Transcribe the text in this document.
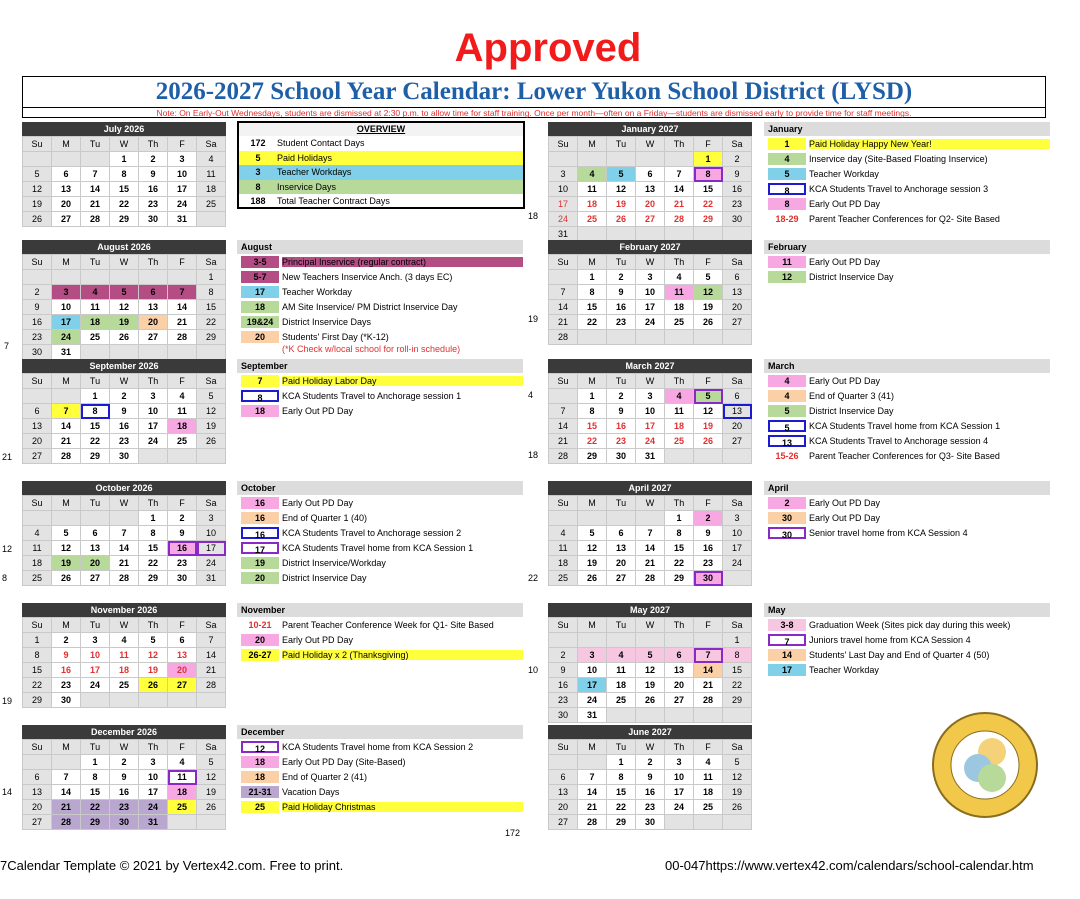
Approved
2026-2027 School Year Calendar: Lower Yukon School District (LYSD)
Note: On Early-Out Wednesdays, students are dismissed at 2:30 p.m. to allow time for staff training. Once per month—often on a Friday—students are dismissed early to provide time for staff meetings.
OVERVIEW
172	Student Contact Days
5	Paid Holidays
3	Teacher Workdays
8	Inservice Days
188	Total Teacher Contract Days
July 2026
Su	M	Tu	W	Th	F	Sa
			1	2	3	4
5	6	7	8	9	10	11
12	13	14	15	16	17	18
19	20	21	22	23	24	25
26	27	28	29	30	31	
August 2026
Su	M	Tu	W	Th	F	Sa
						1
2	3	4	5	6	7	8
9	10	11	12	13	14	15
16	17	18	19	20	21	22
23	24	25	26	27	28	29
30	31					
September 2026
Su	M	Tu	W	Th	F	Sa
		1	2	3	4	5
6	7	8	9	10	11	12
13	14	15	16	17	18	19
20	21	22	23	24	25	26
27	28	29	30			
October 2026
Su	M	Tu	W	Th	F	Sa
				1	2	3
4	5	6	7	8	9	10
11	12	13	14	15	16	17
18	19	20	21	22	23	24
25	26	27	28	29	30	31
November 2026
Su	M	Tu	W	Th	F	Sa
1	2	3	4	5	6	7
8	9	10	11	12	13	14
15	16	17	18	19	20	21
22	23	24	25	26	27	28
29	30					
December 2026
Su	M	Tu	W	Th	F	Sa
		1	2	3	4	5
6	7	8	9	10	11	12
13	14	15	16	17	18	19
20	21	22	23	24	25	26
27	28	29	30	31		
January 2027
Su	M	Tu	W	Th	F	Sa
					1	2
3	4	5	6	7	8	9
10	11	12	13	14	15	16
17	18	19	20	21	22	23
24	25	26	27	28	29	30
31						
February 2027
Su	M	Tu	W	Th	F	Sa
	1	2	3	4	5	6
7	8	9	10	11	12	13
14	15	16	17	18	19	20
21	22	23	24	25	26	27
28						
March 2027
Su	M	Tu	W	Th	F	Sa
	1	2	3	4	5	6
7	8	9	10	11	12	13
14	15	16	17	18	19	20
21	22	23	24	25	26	27
28	29	30	31			
April 2027
Su	M	Tu	W	Th	F	Sa
				1	2	3
4	5	6	7	8	9	10
11	12	13	14	15	16	17
18	19	20	21	22	23	24
25	26	27	28	29	30	
May 2027
Su	M	Tu	W	Th	F	Sa
						1
2	3	4	5	6	7	8
9	10	11	12	13	14	15
16	17	18	19	20	21	22
23	24	25	26	27	28	29
30	31					
June 2027
Su	M	Tu	W	Th	F	Sa
		1	2	3	4	5
6	7	8	9	10	11	12
13	14	15	16	17	18	19
20	21	22	23	24	25	26
27	28	29	30			
August
3-5	Principal Inservice (regular contract)
5-7	New Teachers Inservice Anch. (3 days EC)
17	Teacher Workday
18	AM Site Inservice/ PM District Inservice Day
19&24 District Inservice Days
20	Students' First Day (*K-12)
(*K Check w/local school for roll-in schedule)
September
7	Paid Holiday Labor Day
8	KCA Students Travel to Anchorage session 1
18	Early Out PD Day
October
16	Early Out PD Day
16	End of Quarter 1 (40)
16	KCA Students Travel to Anchorage session 2
17	KCA Students Travel home from KCA Session 1
19	District Inservice/Workday
20	District Inservice Day
November
10-21	Parent Teacher Conference Week for Q1- Site Based
20	Early Out PD Day
26-27	Paid Holiday x 2 (Thanksgiving)
December
12	KCA Students Travel home from KCA Session 2
18	Early Out PD Day (Site-Based)
18	End of Quarter 2 (41)
21-31	Vacation Days
25	Paid Holiday Christmas
January
1	Paid Holiday Happy New Year!
4	Inservice day (Site-Based Floating Inservice)
5	Teacher Workday
8	KCA Students Travel to Anchorage session 3
8	Early Out PD Day
18-29	Parent Teacher Conferences for Q2- Site Based
February
11	Early Out PD Day
12	District Inservice Day
March
4	Early Out PD Day
4	End of Quarter 3 (41)
5	District Inservice Day
5	KCA Students Travel home from KCA Session 1
13	KCA Students Travel to Anchorage session 4
15-26	Parent Teacher Conferences for Q3- Site Based
April
2	Early Out PD Day
30	Early Out PD Day
30	Senior travel home from KCA Session 4
May
3-8	Graduation Week (Sites pick day during this week)
7	Juniors travel home from KCA Session 4
14	Students' Last Day and End of Quarter 4 (50)
17	Teacher Workday
172
7Calendar Template © 2021 by Vertex42.com. Free to print.	00-047https://www.vertex42.com/calendars/school-calendar.htm
7
21
12
8
19
14
18
19
4
18
22
10
